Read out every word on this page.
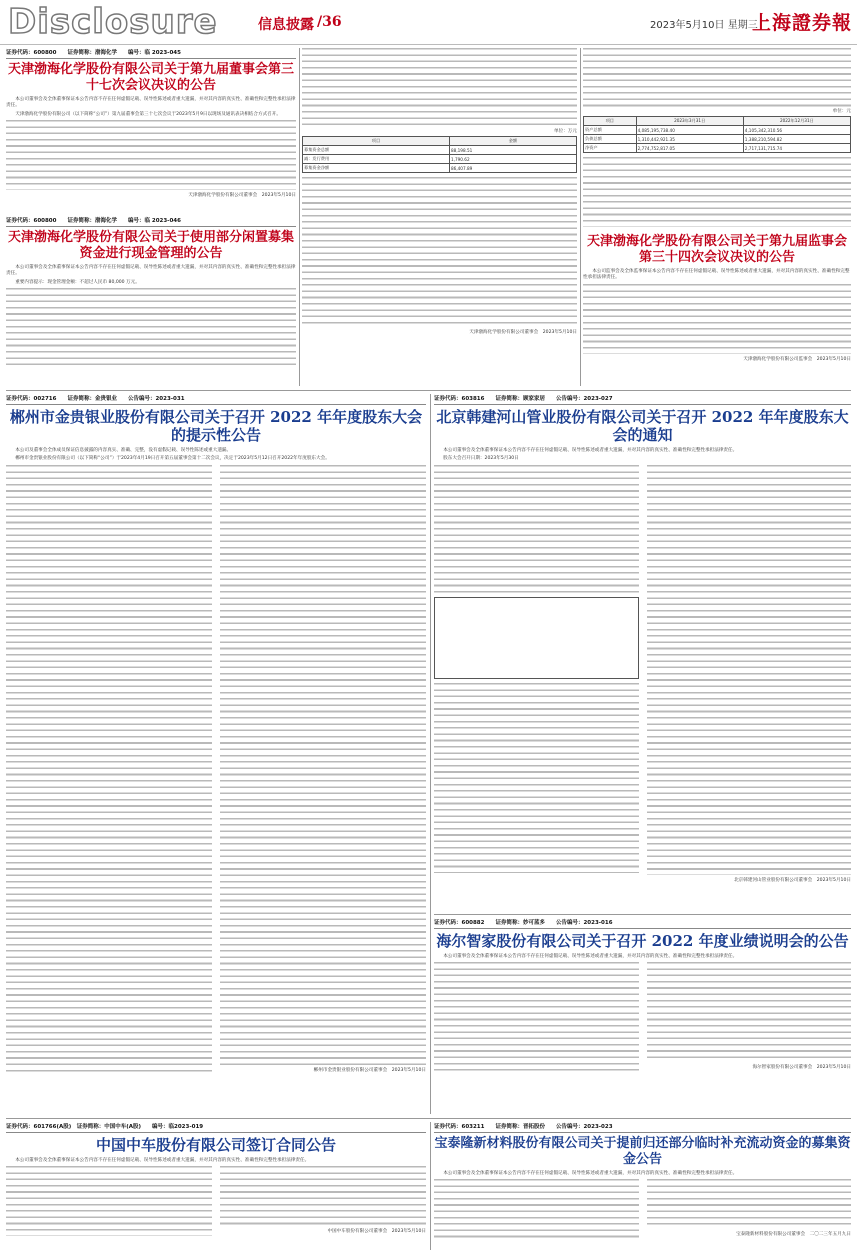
Disclosure	信息披露 /36	2023年5月10日 星期三
上海證券報
证券代码：600800　　证券简称：渤海化学　　编号：临 2023-045
天津渤海化学股份有限公司关于第九届董事会第三十七次会议决议的公告

本公司董事会及全体董事保证本公告内容不存在任何虚假记载、误导性陈述或者重大遗漏，并对其内容的真实性、准确性和完整性承担法律责任。

天津渤海化学股份有限公司（以下简称“公司”）第九届董事会第三十七次会议于2023年5月9日以现场及通讯表决相结合方式召开。

天津渤海化学股份有限公司董事会　2023年5月10日
证券代码：600800　　证券简称：渤海化学　　编号：临 2023-046
天津渤海化学股份有限公司关于使用部分闲置募集资金进行现金管理的公告

本公司董事会及全体董事保证本公告内容不存在任何虚假记载、误导性陈述或者重大遗漏，并对其内容的真实性、准确性和完整性承担法律责任。

重要内容提示：现金管理金额：不超过人民币 80,000 万元。

单位：万元
项目	金额
募集资金总额	88,198.51
减：发行费用	1,790.62
募集资金净额	86,407.89
天津渤海化学股份有限公司董事会　2023年5月10日
单位：元
项目	2023年3月31日	2022年12月31日
资产总额	4,085,195,738.40	4,105,342,310.56
负债总额	1,310,442,921.35	1,388,210,594.82
净资产	2,774,752,817.05	2,717,131,715.74
天津渤海化学股份有限公司关于第九届监事会第三十四次会议决议的公告

本公司监事会及全体监事保证本公告内容不存在任何虚假记载、误导性陈述或者重大遗漏，并对其内容的真实性、准确性和完整性承担法律责任。

天津渤海化学股份有限公司监事会　2023年5月10日
证券代码：002716　　证券简称：金贵银业　　公告编号：2023-031
郴州市金贵银业股份有限公司关于召开 2022 年年度股东大会的提示性公告

本公司及董事会全体成员保证信息披露的内容真实、准确、完整，没有虚假记载、误导性陈述或重大遗漏。

郴州市金贵银业股份有限公司（以下简称“公司”）于2023年4月19日召开第五届董事会第十二次会议，决定于2023年5月12日召开2022年年度股东大会。

郴州市金贵银业股份有限公司董事会　2023年5月10日
证券代码：603816　　证券简称：顾家家居　　公告编号：2023-027
北京韩建河山管业股份有限公司关于召开 2022 年年度股东大会的通知

本公司董事会及全体董事保证本公告内容不存在任何虚假记载、误导性陈述或者重大遗漏，并对其内容的真实性、准确性和完整性承担法律责任。

股东大会召开日期：2023年5月30日

北京韩建河山管业股份有限公司董事会　2023年5月10日
证券代码：600882　　证券简称：妙可蓝多　　公告编号：2023-016
海尔智家股份有限公司关于召开 2022 年度业绩说明会的公告

本公司董事会及全体董事保证本公告内容不存在任何虚假记载、误导性陈述或者重大遗漏，并对其内容的真实性、准确性和完整性承担法律责任。

海尔智家股份有限公司董事会　2023年5月10日
证券代码：601766(A股)　证券简称：中国中车(A股)　　编号：临2023-019
中国中车股份有限公司签订合同公告

本公司董事会及全体董事保证本公告内容不存在任何虚假记载、误导性陈述或者重大遗漏，并对其内容的真实性、准确性和完整性承担法律责任。

中国中车股份有限公司董事会　2023年5月10日
证券代码：603211　　证券简称：晋拓股份　　公告编号：2023-023
宝泰隆新材料股份有限公司关于提前归还部分临时补充流动资金的募集资金公告

本公司董事会及全体董事保证本公告内容不存在任何虚假记载、误导性陈述或者重大遗漏，并对其内容的真实性、准确性和完整性承担法律责任。

宝泰隆新材料股份有限公司董事会　二〇二三年五月九日
